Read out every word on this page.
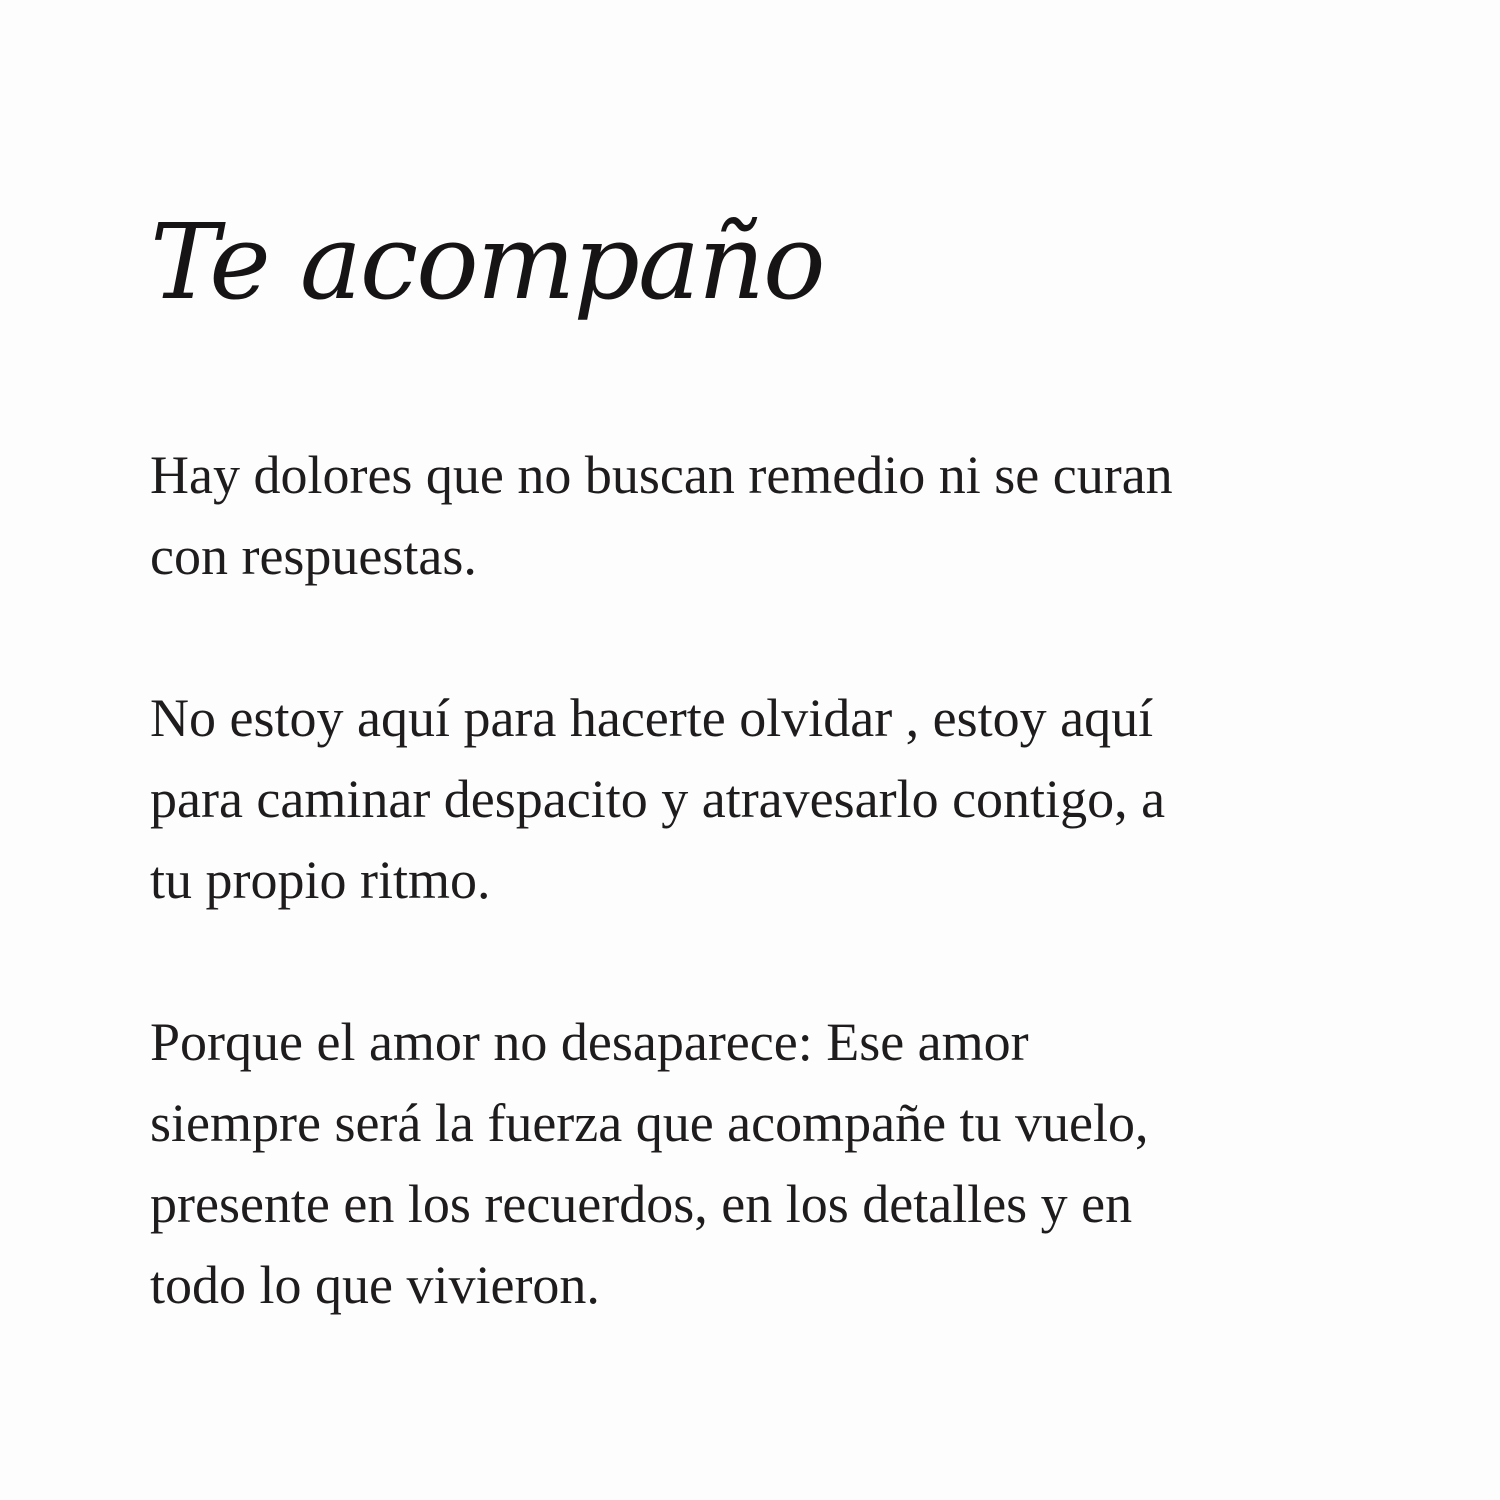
Te acompaño

Hay dolores que no buscan remedio ni se curan
con respuestas.

No estoy aquí para hacerte olvidar , estoy aquí
para caminar despacito y atravesarlo contigo, a
tu propio ritmo.

Porque el amor no desaparece: Ese amor
siempre será la fuerza que acompañe tu vuelo,
presente en los recuerdos, en los detalles y en
todo lo que vivieron.
